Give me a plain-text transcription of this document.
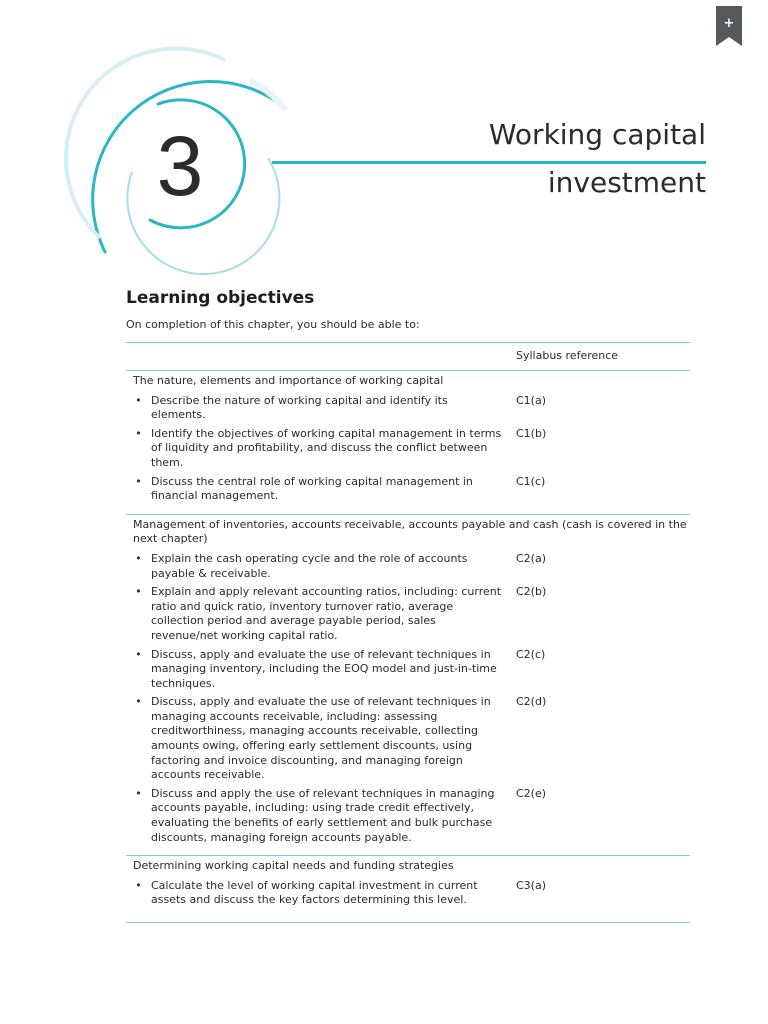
+
3	Working capital
investment
Learning objectives
On completion of this chapter, you should be able to:
Syllabus reference
The nature, elements and importance of working capital
• Describe the nature of working capital and identify its elements.
C1(a)
• Identify the objectives of working capital management in terms of liquidity and profitability, and discuss the conflict between them.
C1(b)
• Discuss the central role of working capital management in financial management.
C1(c)
Management of inventories, accounts receivable, accounts payable and cash (cash is covered in the next chapter)
• Explain the cash operating cycle and the role of accounts payable & receivable.
C2(a)
• Explain and apply relevant accounting ratios, including: current ratio and quick ratio, inventory turnover ratio, average collection period and average payable period, sales revenue/net working capital ratio.
C2(b)
• Discuss, apply and evaluate the use of relevant techniques in managing inventory, including the EOQ model and just-in-time techniques.
C2(c)
• Discuss, apply and evaluate the use of relevant techniques in managing accounts receivable, including: assessing creditworthiness, managing accounts receivable, collecting amounts owing, offering early settlement discounts, using factoring and invoice discounting, and managing foreign accounts receivable.
C2(d)
• Discuss and apply the use of relevant techniques in managing accounts payable, including: using trade credit effectively, evaluating the benefits of early settlement and bulk purchase discounts, managing foreign accounts payable.
C2(e)
Determining working capital needs and funding strategies
• Calculate the level of working capital investment in current assets and discuss the key factors determining this level.
C3(a)
